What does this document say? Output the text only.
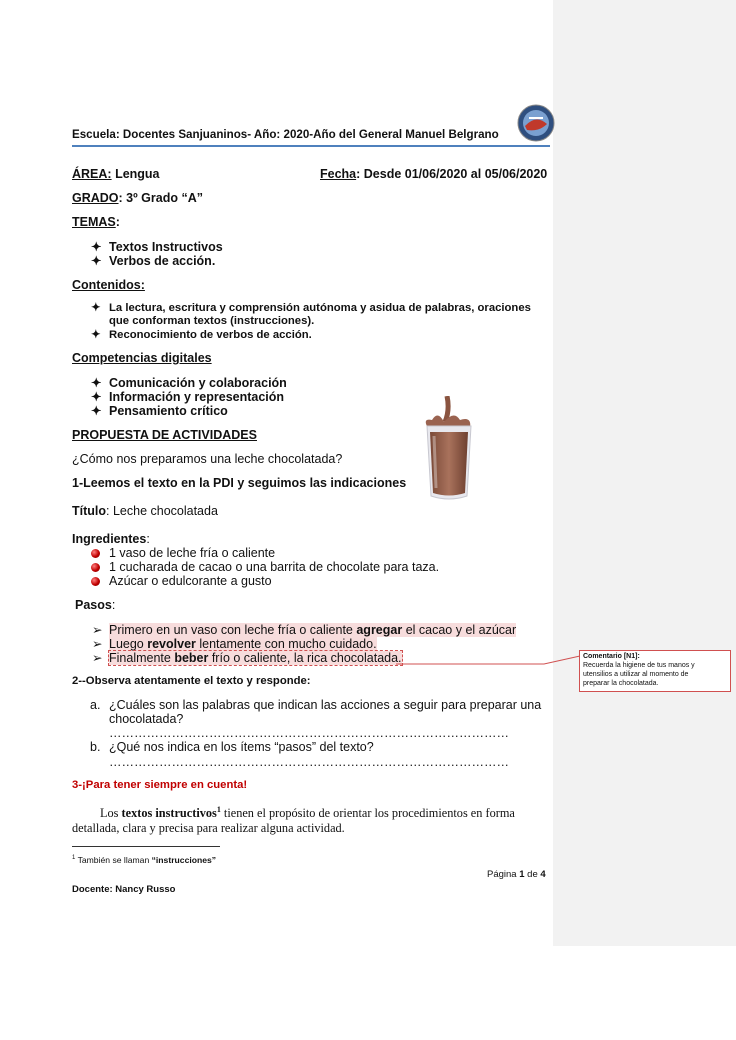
Escuela: Docentes Sanjuaninos- Año: 2020-Año del General Manuel Belgrano
ÁREA: Lengua	Fecha: Desde 01/06/2020 al 05/06/2020
GRADO: 3º Grado “A”
TEMAS:
✦ Textos Instructivos
✦ Verbos de acción.
Contenidos:
✦ La lectura, escritura y comprensión autónoma y asidua de palabras, oraciones
que conforman textos (instrucciones).
✦ Reconocimiento de verbos de acción.
Competencias digitales
✦ Comunicación y colaboración
✦ Información y representación
✦ Pensamiento crítico
PROPUESTA DE ACTIVIDADES
¿Cómo nos preparamos una leche chocolatada?
1-Leemos el texto en la PDI y seguimos las indicaciones
Título: Leche chocolatada
Ingredientes:
1 vaso de leche fría o caliente
1 cucharada de cacao o una barrita de chocolate para taza.
Azúcar o edulcorante a gusto
Pasos:
➢ Primero en un vaso con leche fría o caliente agregar el cacao y el azúcar
➢ Luego revolver lentamente con mucho cuidado.
➢ Finalmente beber frío o caliente, la rica chocolatada.	Comentario [N1]:
Recuerda la higiene de tus manos y
utensilios a utilizar al momento de
preparar la chocolatada.
2--Observa atentamente el texto y responde:
a. ¿Cuáles son las palabras que indican las acciones a seguir para preparar una
chocolatada?
……………………………………………………………………………………
b. ¿Qué nos indica en los ítems “pasos” del texto?
……………………………………………………………………………………
3-¡Para tener siempre en cuenta!
Los textos instructivos$^1$ tienen el propósito de orientar los procedimientos en forma
detallada, clara y precisa para realizar alguna actividad.
$^1$ También se llaman “instrucciones”
Página 1 de 4
Docente: Nancy Russo
